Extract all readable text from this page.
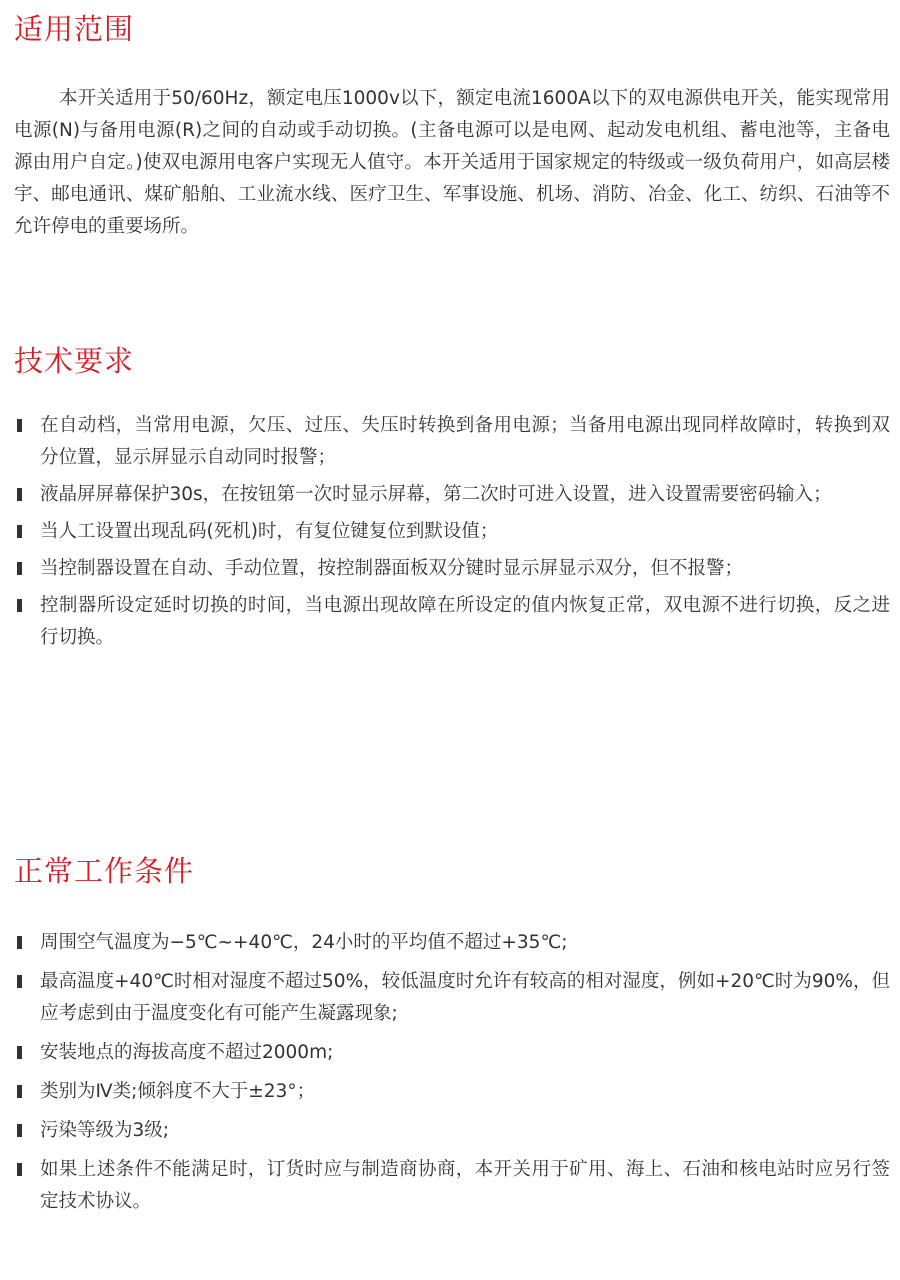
适用范围

本开关适用于50/60Hz，额定电压1000v以下，额定电流1600A以下的双电源供电开关，能实现常用电源(N)与备用电源(R)之间的自动或手动切换。(主备电源可以是电网、起动发电机组、蓄电池等，主备电源由用户自定。)使双电源用电客户实现无人值守。本开关适用于国家规定的特级或一级负荷用户，如高层楼宇、邮电通讯、煤矿船舶、工业流水线、医疗卫生、军事设施、机场、消防、冶金、化工、纺织、石油等不允许停电的重要场所。

技术要求
在自动档，当常用电源，欠压、过压、失压时转换到备用电源；当备用电源出现同样故障时，转换到双分位置，显示屏显示自动同时报警；
液晶屏屏幕保护30s，在按钮第一次时显示屏幕，第二次时可进入设置，进入设置需要密码输入；
当人工设置出现乱码(死机)时，有复位键复位到默设值；
当控制器设置在自动、手动位置，按控制器面板双分键时显示屏显示双分，但不报警；
控制器所设定延时切换的时间，当电源出现故障在所设定的值内恢复正常，双电源不进行切换，反之进行切换。
正常工作条件
周围空气温度为−5℃~+40℃，24小时的平均值不超过+35℃;
最高温度+40℃时相对湿度不超过50%，较低温度时允许有较高的相对湿度，例如+20℃时为90%，但应考虑到由于温度变化有可能产生凝露现象;
安装地点的海拔高度不超过2000m;
类别为Ⅳ类;倾斜度不大于±23°；
污染等级为3级;
如果上述条件不能满足时，订货时应与制造商协商，本开关用于矿用、海上、石油和核电站时应另行签定技术协议。
